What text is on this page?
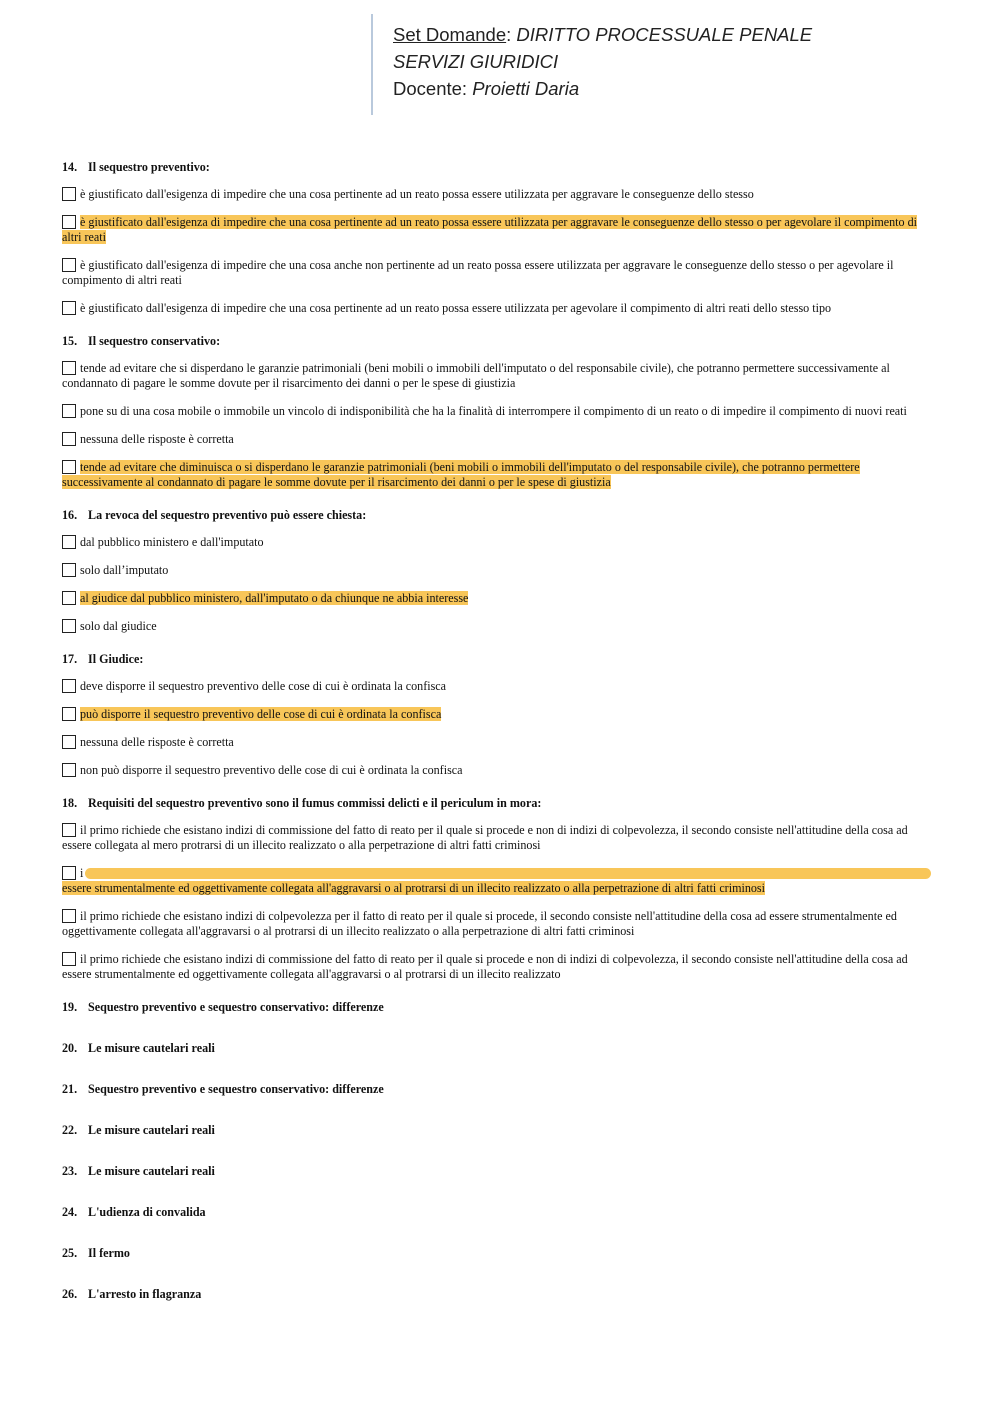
Set Domande: DIRITTO PROCESSUALE PENALE
SERVIZI GIURIDICI
Docente: Proietti Daria
14. Il sequestro preventivo:
è giustificato dall'esigenza di impedire che una cosa pertinente ad un reato possa essere utilizzata per aggravare le conseguenze dello stesso
è giustificato dall'esigenza di impedire che una cosa pertinente ad un reato possa essere utilizzata per aggravare le conseguenze dello stesso o per agevolare il compimento di altri reati
è giustificato dall'esigenza di impedire che una cosa anche non pertinente ad un reato possa essere utilizzata per aggravare le conseguenze dello stesso o per agevolare il compimento di altri reati
è giustificato dall'esigenza di impedire che una cosa pertinente ad un reato possa essere utilizzata per agevolare il compimento di altri reati dello stesso tipo
15. Il sequestro conservativo:
tende ad evitare che si disperdano le garanzie patrimoniali (beni mobili o immobili dell'imputato o del responsabile civile), che potranno permettere successivamente al condannato di pagare le somme dovute per il risarcimento dei danni o per le spese di giustizia
pone su di una cosa mobile o immobile un vincolo di indisponibilità che ha la finalità di interrompere il compimento di un reato o di impedire il compimento di nuovi reati
nessuna delle risposte è corretta
tende ad evitare che diminuisca o si disperdano le garanzie patrimoniali (beni mobili o immobili dell'imputato o del responsabile civile), che potranno permettere successivamente al condannato di pagare le somme dovute per il risarcimento dei danni o per le spese di giustizia
16. La revoca del sequestro preventivo può essere chiesta:
dal pubblico ministero e dall'imputato
solo dall’imputato
al giudice dal pubblico ministero, dall'imputato o da chiunque ne abbia interesse
solo dal giudice
17. Il Giudice:
deve disporre il sequestro preventivo delle cose di cui è ordinata la confisca
può disporre il sequestro preventivo delle cose di cui è ordinata la confisca
nessuna delle risposte è corretta
non può disporre il sequestro preventivo delle cose di cui è ordinata la confisca
18. Requisiti del sequestro preventivo sono il fumus commissi delicti e il periculum in mora:
il primo richiede che esistano indizi di commissione del fatto di reato per il quale si procede e non di indizi di colpevolezza, il secondo consiste nell'attitudine della cosa ad essere collegata al mero protrarsi di un illecito realizzato o alla perpetrazione di altri fatti criminosi
i
essere strumentalmente ed oggettivamente collegata all'aggravarsi o al protrarsi di un illecito realizzato o alla perpetrazione di altri fatti criminosi
il primo richiede che esistano indizi di colpevolezza per il fatto di reato per il quale si procede, il secondo consiste nell'attitudine della cosa ad essere strumentalmente ed oggettivamente collegata all'aggravarsi o al protrarsi di un illecito realizzato o alla perpetrazione di altri fatti criminosi
il primo richiede che esistano indizi di commissione del fatto di reato per il quale si procede e non di indizi di colpevolezza, il secondo consiste nell'attitudine della cosa ad essere strumentalmente ed oggettivamente collegata all'aggravarsi o al protrarsi di un illecito realizzato
19. Sequestro preventivo e sequestro conservativo: differenze
20. Le misure cautelari reali
21. Sequestro preventivo e sequestro conservativo: differenze
22. Le misure cautelari reali
23. Le misure cautelari reali
24. L'udienza di convalida
25. Il fermo
26. L'arresto in flagranza
